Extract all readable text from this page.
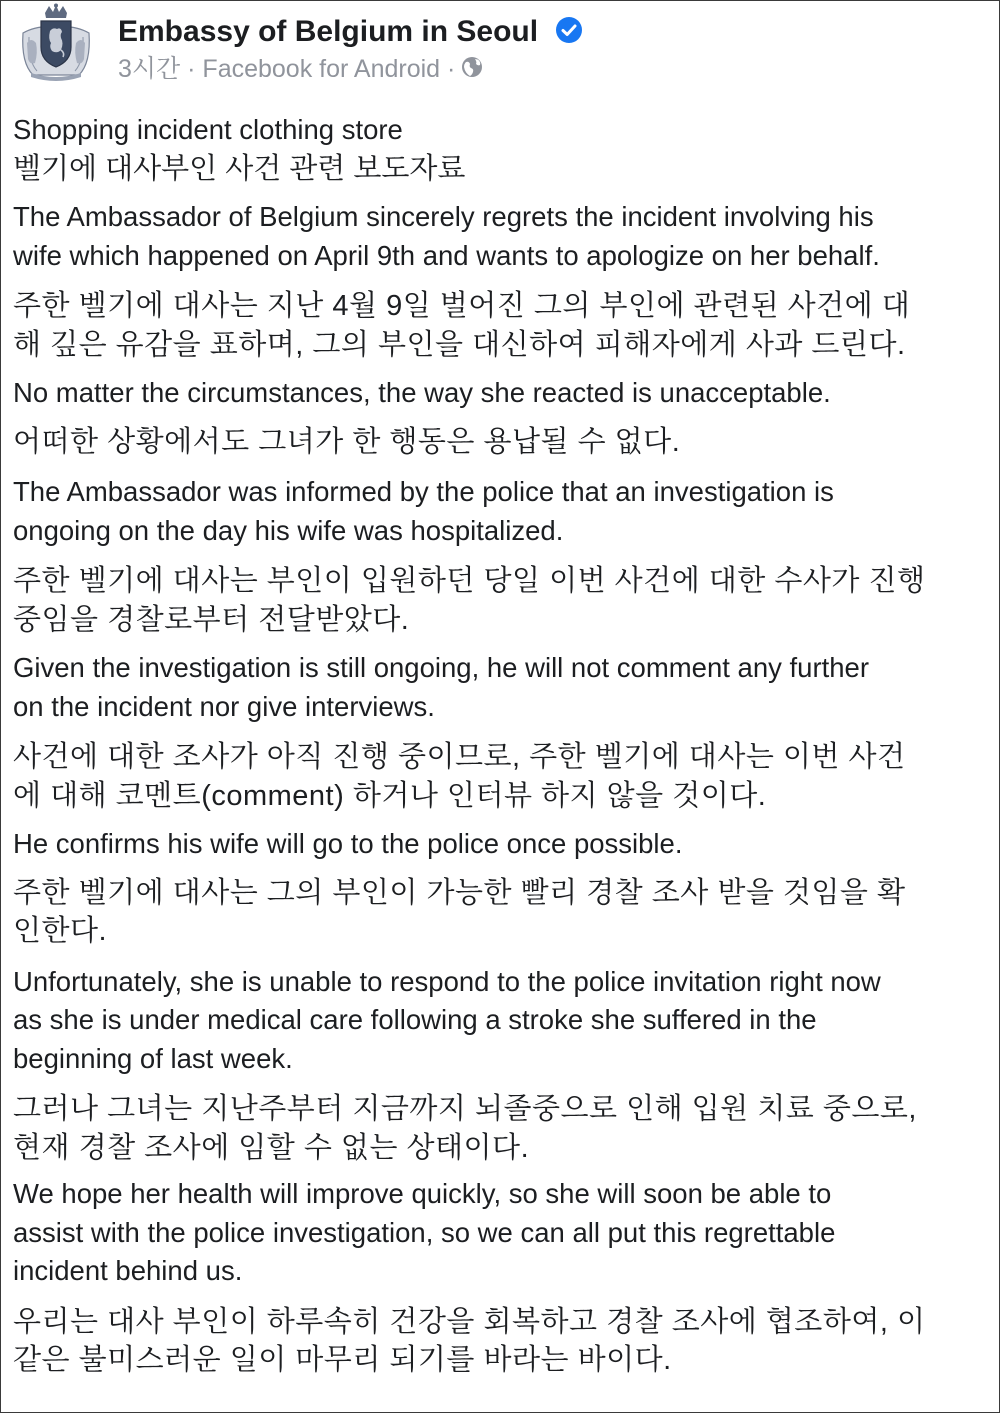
Embassy of Belgium in Seoul
3시간 · Facebook for Android ·

Shopping incident clothing store
벨기에 대사부인 사건 관련 보도자료

The Ambassador of Belgium sincerely regrets the incident involving his
wife which happened on April 9th and wants to apologize on her behalf.

주한 벨기에 대사는 지난 4월 9일 벌어진 그의 부인에 관련된 사건에 대
해 깊은 유감을 표하며, 그의 부인을 대신하여 피해자에게 사과 드린다.

No matter the circumstances, the way she reacted is unacceptable.

어떠한 상황에서도 그녀가 한 행동은 용납될 수 없다.

The Ambassador was informed by the police that an investigation is
ongoing on the day his wife was hospitalized.

주한 벨기에 대사는 부인이 입원하던 당일 이번 사건에 대한 수사가 진행
중임을 경찰로부터 전달받았다.

Given the investigation is still ongoing, he will not comment any further
on the incident nor give interviews.

사건에 대한 조사가 아직 진행 중이므로, 주한 벨기에 대사는 이번 사건
에 대해 코멘트(comment) 하거나 인터뷰 하지 않을 것이다.

He confirms his wife will go to the police once possible.

주한 벨기에 대사는 그의 부인이 가능한 빨리 경찰 조사 받을 것임을 확
인한다.

Unfortunately, she is unable to respond to the police invitation right now
as she is under medical care following a stroke she suffered in the
beginning of last week.

그러나 그녀는 지난주부터 지금까지 뇌졸중으로 인해 입원 치료 중으로,
현재 경찰 조사에 임할 수 없는 상태이다.

We hope her health will improve quickly, so she will soon be able to
assist with the police investigation, so we can all put this regrettable
incident behind us.

우리는 대사 부인이 하루속히 건강을 회복하고 경찰 조사에 협조하여, 이
같은 불미스러운 일이 마무리 되기를 바라는 바이다.
